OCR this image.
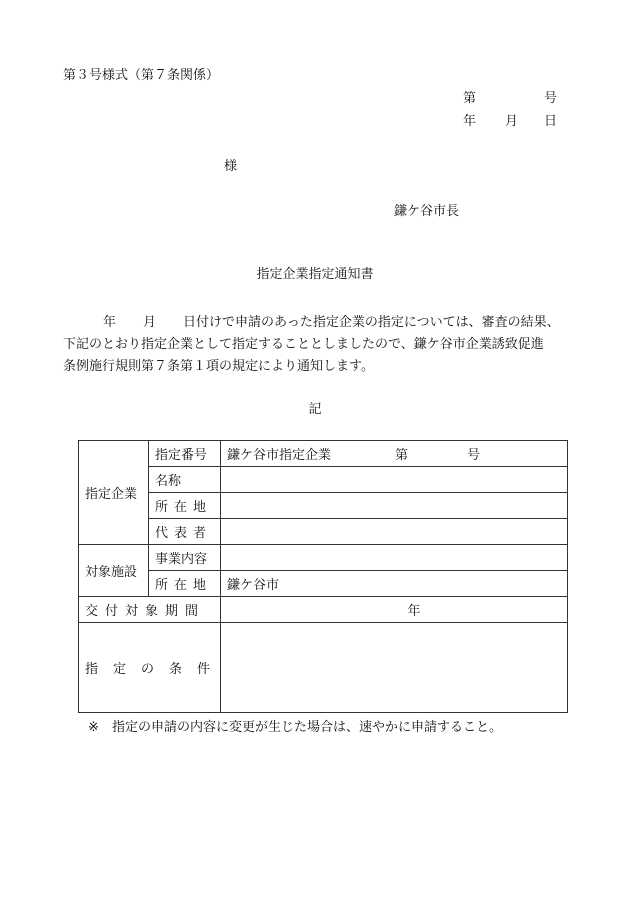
第３号様式（第７条関係）
第	号
年 月 日
様
鎌ケ谷市長
指定企業指定通知書
年 月 日付けで申請のあった指定企業の指定については、審査の結果、
下記のとおり指定企業として指定することとしましたので、鎌ケ谷市企業誘致促進
条例施行規則第７条第１項の規定により通知します。
記
指定企業	指定番号	鎌ケ谷市指定企業 第 号

	名称	

	所在地	
	代表者	
対象施設	事業内容	
	所在地	鎌ケ谷市
交付対象期間		年
指定の条件		
※ 指定の申請の内容に変更が生じた場合は、速やかに申請すること。
